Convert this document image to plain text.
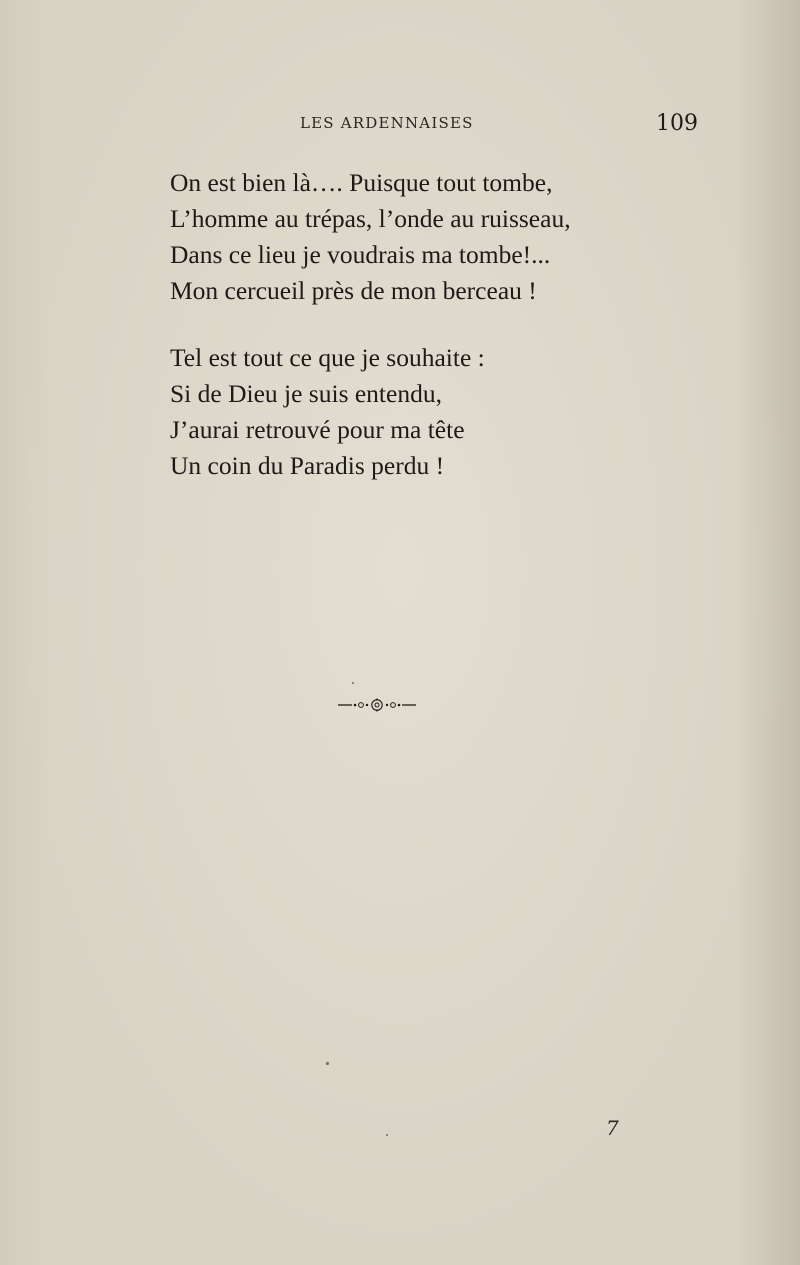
LES ARDENNAISES	109
On est bien là…. Puisque tout tombe,
L’homme au trépas, l’onde au ruisseau,
Dans ce lieu je voudrais ma tombe!...
Mon cercueil près de mon berceau !
Tel est tout ce que je souhaite :
Si de Dieu je suis entendu,
J’aurai retrouvé pour ma tête
Un coin du Paradis perdu !
7
